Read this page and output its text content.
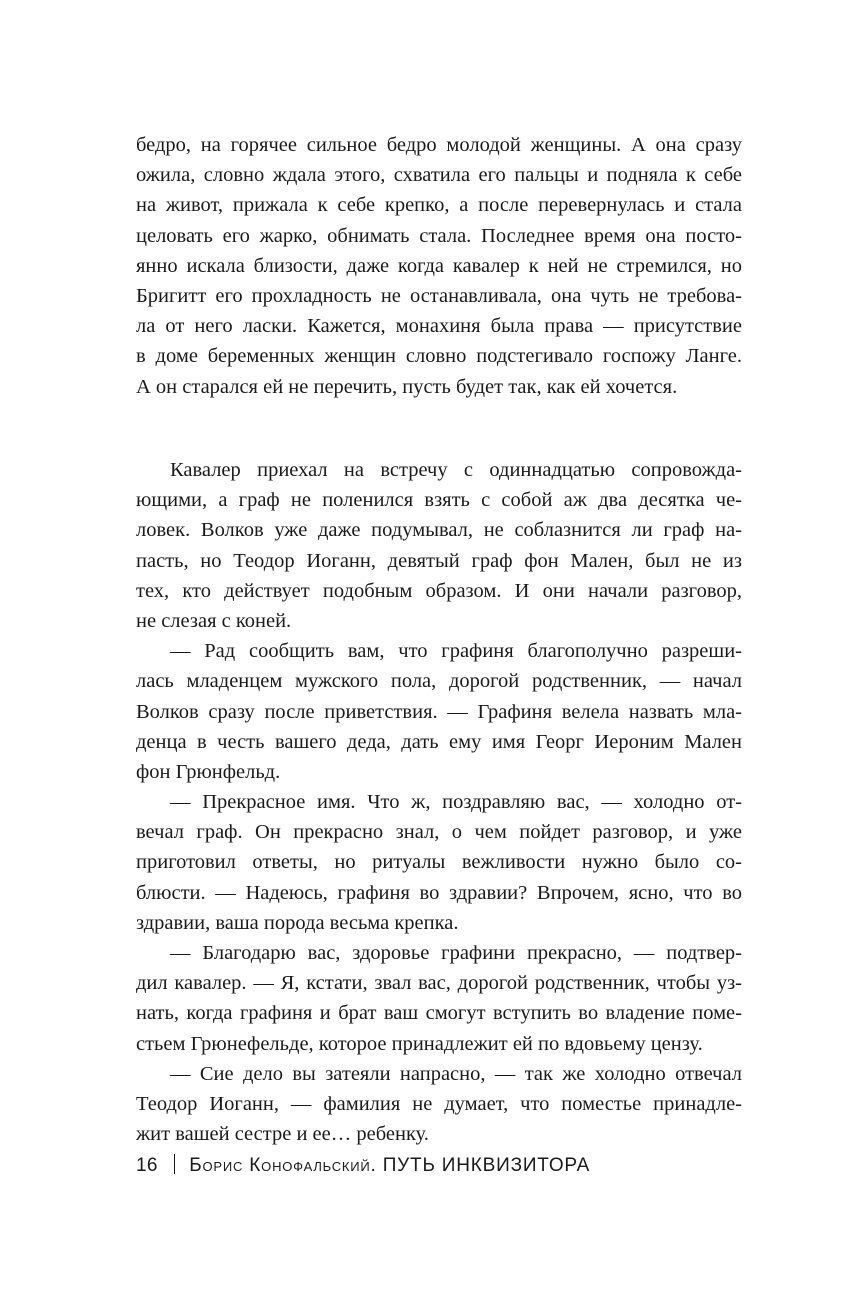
бедро, на горячее сильное бедро молодой женщины. А она сразу
ожила, словно ждала этого, схватила его пальцы и подняла к себе
на живот, прижала к себе крепко, а после перевернулась и стала
целовать его жарко, обнимать стала. Последнее время она посто-
янно искала близости, даже когда кавалер к ней не стремился, но
Бригитт его прохладность не останавливала, она чуть не требова-
ла от него ласки. Кажется, монахиня была права — присутствие
в доме беременных женщин словно подстегивало госпожу Ланге.
А он старался ей не перечить, пусть будет так, как ей хочется.
Кавалер приехал на встречу с одиннадцатью сопровожда-
ющими, а граф не поленился взять с собой аж два десятка че-
ловек. Волков уже даже подумывал, не соблазнится ли граф на-
пасть, но Теодор Иоганн, девятый граф фон Мален, был не из
тех, кто действует подобным образом. И они начали разговор,
не слезая с коней.
— Рад сообщить вам, что графиня благополучно разреши-
лась младенцем мужского пола, дорогой родственник, — начал
Волков сразу после приветствия. — Графиня велела назвать мла-
денца в честь вашего деда, дать ему имя Георг Иероним Мален
фон Грюнфельд.
— Прекрасное имя. Что ж, поздравляю вас, — холодно от-
вечал граф. Он прекрасно знал, о чем пойдет разговор, и уже
приготовил ответы, но ритуалы вежливости нужно было со-
блюсти. — Надеюсь, графиня во здравии? Впрочем, ясно, что во
здравии, ваша порода весьма крепка.
— Благодарю вас, здоровье графини прекрасно, — подтвер-
дил кавалер. — Я, кстати, звал вас, дорогой родственник, чтобы уз-
нать, когда графиня и брат ваш смогут вступить во владение поме-
стьем Грюнефельде, которое принадлежит ей по вдовьему цензу.
— Сие дело вы затеяли напрасно, — так же холодно отвечал
Теодор Иоганн, — фамилия не думает, что поместье принадле-
жит вашей сестре и ее… ребенку.
16 Борис Конофальский. ПУТЬ ИНКВИЗИТОРА
